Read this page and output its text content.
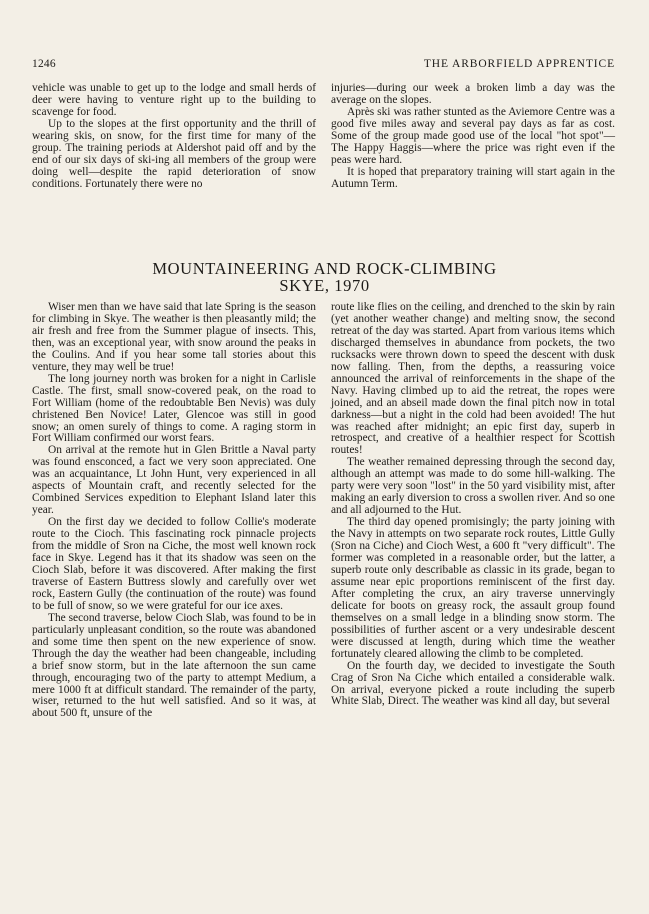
1246	THE ARBORFIELD APPRENTICE

vehicle was unable to get up to the lodge and small herds of deer were having to venture right up to the building to scavenge for food.

Up to the slopes at the first opportunity and the thrill of wearing skis, on snow, for the first time for many of the group. The training periods at Aldershot paid off and by the end of our six days of ski-ing all members of the group were doing well—despite the rapid deterioration of snow conditions. Fortunately there were no

injuries—during our week a broken limb a day was the average on the slopes.

Après ski was rather stunted as the Aviemore Centre was a good five miles away and several pay days as far as cost. Some of the group made good use of the local "hot spot"—The Happy Haggis—where the price was right even if the peas were hard.

It is hoped that preparatory training will start again in the Autumn Term.

MOUNTAINEERING AND ROCK-CLIMBING
SKYE, 1970

Wiser men than we have said that late Spring is the season for climbing in Skye. The weather is then pleasantly mild; the air fresh and free from the Summer plague of insects. This, then, was an exceptional year, with snow around the peaks in the Coulins. And if you hear some tall stories about this venture, they may well be true!

The long journey north was broken for a night in Carlisle Castle. The first, small snow-covered peak, on the road to Fort William (home of the redoubtable Ben Nevis) was duly christened Ben Novice! Later, Glencoe was still in good snow; an omen surely of things to come. A raging storm in Fort William confirmed our worst fears.

On arrival at the remote hut in Glen Brittle a Naval party was found ensconced, a fact we very soon appreciated. One was an acquaintance, Lt John Hunt, very experienced in all aspects of Mountain craft, and recently selected for the Combined Services expedition to Elephant Island later this year.

On the first day we decided to follow Collie's moderate route to the Cioch. This fascinating rock pinnacle projects from the middle of Sron na Ciche, the most well known rock face in Skye. Legend has it that its shadow was seen on the Cioch Slab, before it was discovered. After making the first traverse of Eastern Buttress slowly and carefully over wet rock, Eastern Gully (the continuation of the route) was found to be full of snow, so we were grateful for our ice axes.

The second traverse, below Cioch Slab, was found to be in particularly unpleasant condition, so the route was abandoned and some time then spent on the new experience of snow. Through the day the weather had been changeable, including a brief snow storm, but in the late afternoon the sun came through, encouraging two of the party to attempt Medium, a mere 1000 ft at difficult standard. The remainder of the party, wiser, returned to the hut well satisfied. And so it was, at about 500 ft, unsure of the

route like flies on the ceiling, and drenched to the skin by rain (yet another weather change) and melting snow, the second retreat of the day was started. Apart from various items which discharged themselves in abundance from pockets, the two rucksacks were thrown down to speed the descent with dusk now falling. Then, from the depths, a reassuring voice announced the arrival of reinforcements in the shape of the Navy. Having climbed up to aid the retreat, the ropes were joined, and an abseil made down the final pitch now in total darkness—but a night in the cold had been avoided! The hut was reached after midnight; an epic first day, superb in retrospect, and creative of a healthier respect for Scottish routes!

The weather remained depressing through the second day, although an attempt was made to do some hill-walking. The party were very soon "lost" in the 50 yard visibility mist, after making an early diversion to cross a swollen river. And so one and all adjourned to the Hut.

The third day opened promisingly; the party joining with the Navy in attempts on two separate rock routes, Little Gully (Sron na Ciche) and Cioch West, a 600 ft "very difficult". The former was completed in a reasonable order, but the latter, a superb route only describable as classic in its grade, began to assume near epic proportions reminiscent of the first day. After completing the crux, an airy traverse unnervingly delicate for boots on greasy rock, the assault group found themselves on a small ledge in a blinding snow storm. The possibilities of further ascent or a very undesirable descent were discussed at length, during which time the weather fortunately cleared allowing the climb to be completed.

On the fourth day, we decided to investigate the South Crag of Sron Na Ciche which entailed a considerable walk. On arrival, everyone picked a route including the superb White Slab, Direct. The weather was kind all day, but several
